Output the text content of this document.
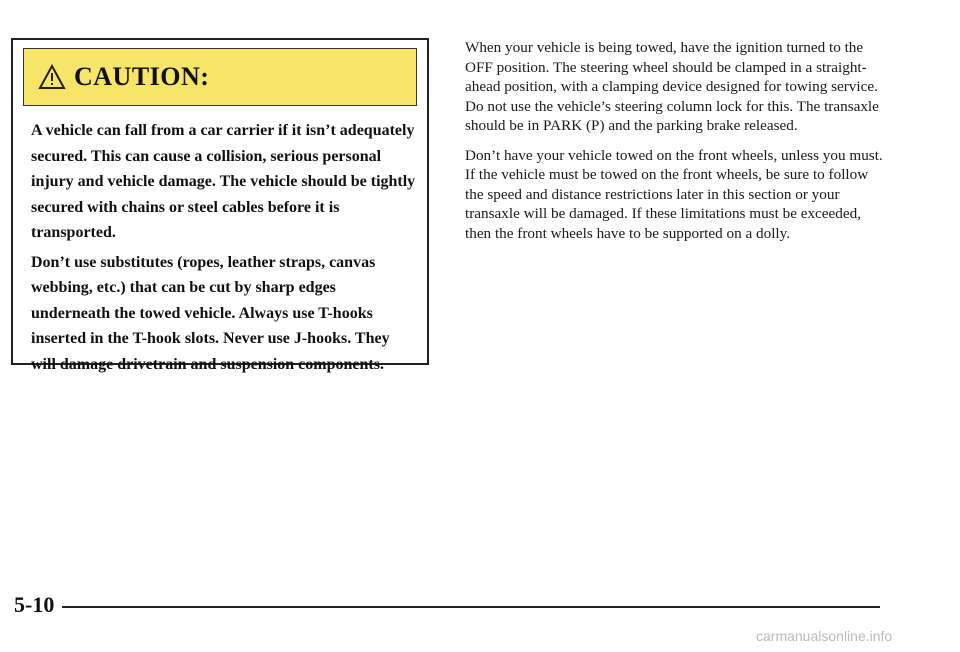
CAUTION:

A vehicle can fall from a car carrier if it isn’t adequately secured. This can cause a collision, serious personal injury and vehicle damage. The vehicle should be tightly secured with chains or steel cables before it is transported.

Don’t use substitutes (ropes, leather straps, canvas webbing, etc.) that can be cut by sharp edges underneath the towed vehicle. Always use T-hooks inserted in the T-hook slots. Never use J-hooks. They will damage drivetrain and suspension components.

When your vehicle is being towed, have the ignition turned to the OFF position. The steering wheel should be clamped in a straight-ahead position, with a clamping device designed for towing service. Do not use the vehicle’s steering column lock for this. The transaxle should be in PARK (P) and the parking brake released.

Don’t have your vehicle towed on the front wheels, unless you must. If the vehicle must be towed on the front wheels, be sure to follow the speed and distance restrictions later in this section or your transaxle will be damaged. If these limitations must be exceeded, then the front wheels have to be supported on a dolly.

5-10
carmanualsonline.info
